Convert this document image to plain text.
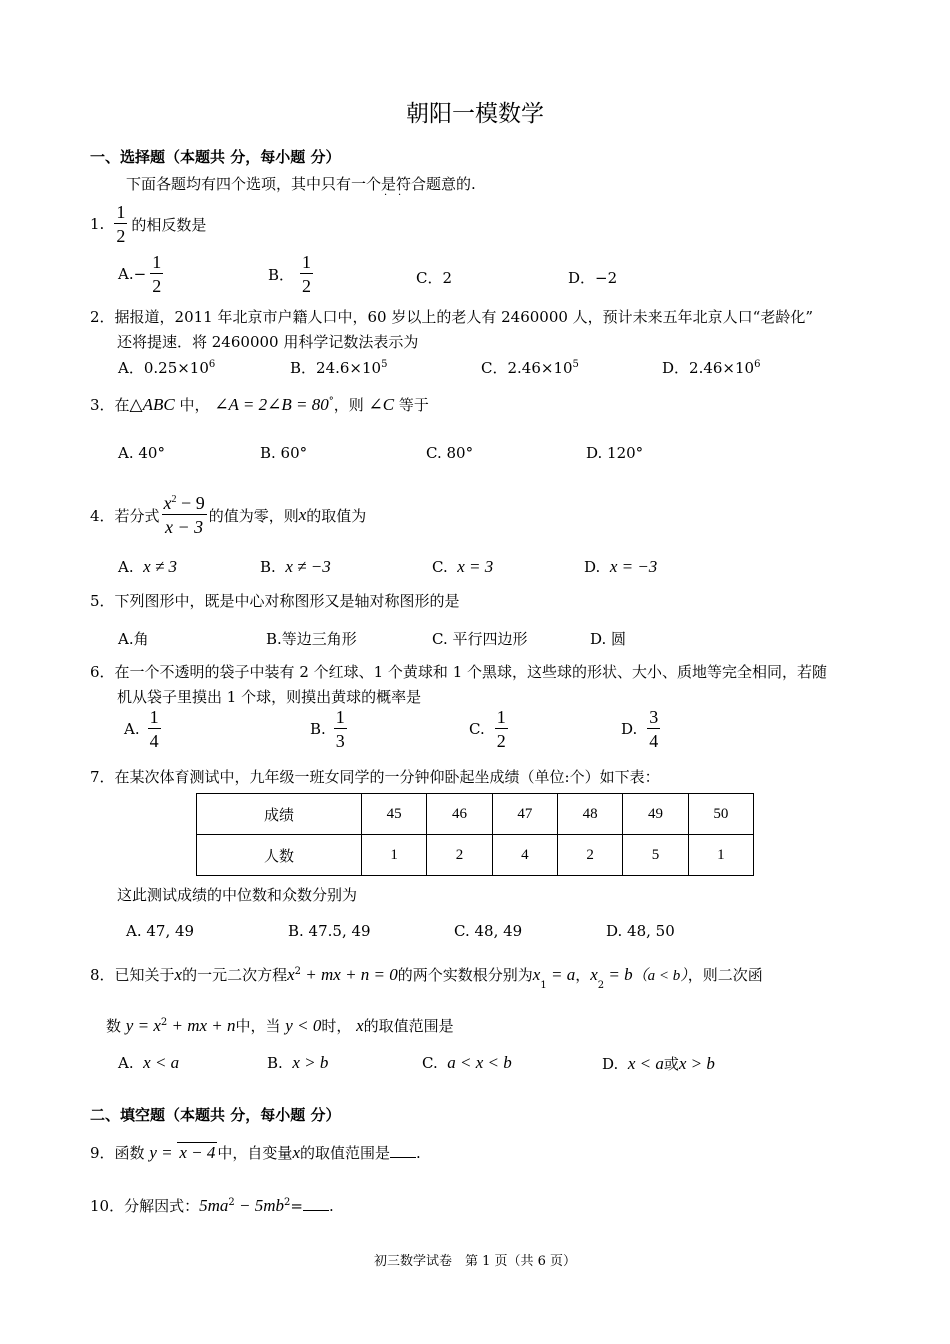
朝阳一模数学
一、选择题（本题共 分，每小题 分）
下面各题均有四个选项，其中只有一个是符合题意的.
· ·
1. $\frac{1}{2}$ 的相反数是
A. − $\frac{1}{2}$	B． $\frac{1}{2}$	C．2	D．−2
2．据报道，2011 年北京市户籍人口中，60 岁以上的老人有 2460000 人，预计未来五年北京人口“老龄化”
还将提速．将 2460000 用科学记数法表示为
A．$0.25\times 10^6$	B．$24.6\times 10^5$	C．$2.46\times 10^5$	D．$2.46\times 10^6$
3．在△ABC 中， ∠A = 2∠B = 80°，则 ∠C 等于
A. 40°	B. 60°	C. 80°	D. 120°
4．若分式 $\frac{x^2 - 9}{x - 3}$ 的值为零，则 x 的取值为
A. x ≠ 3	B. x ≠ −3	C. x = 3	D. x = −3
5．下列图形中，既是中心对称图形又是轴对称图形的是
A.角	B.等边三角形	C. 平行四边形	D. 圆
6．在一个不透明的袋子中装有 2 个红球、1 个黄球和 1 个黑球，这些球的形状、大小、质地等完全相同，若随
机从袋子里摸出 1 个球，则摸出黄球的概率是
A. $\frac{1}{4}$	B. $\frac{1}{3}$	C. $\frac{1}{2}$	D. $\frac{3}{4}$
7．在某次体育测试中，九年级一班女同学的一分钟仰卧起坐成绩（单位:个）如下表：
成绩	45	46	47	48	49	50
人数	1	2	4	2	5	1
这此测试成绩的中位数和众数分别为
A. 47, 49	B. 47.5, 49	C. 48, 49	D. 48, 50
8．已知关于x的一元二次方程$x^2$ + mx + n = 0的两个实数根分别为$x_1 = a$，$x_2 = b(a < b)$，则二次函
数 $y = x^2$ + mx + n中，当 y < 0时， x的取值范围是
A. x < a	B. x > b	C. a < x < b	D. x < a或x > b
二、填空题（本题共 分，每小题 分）
9．函数 y = x − 4 中，自变量x的取值范围是 .
10．分解因式：$5ma^2 - 5mb^2=$ .
初三数学试卷　第 1 页（共 6 页）
